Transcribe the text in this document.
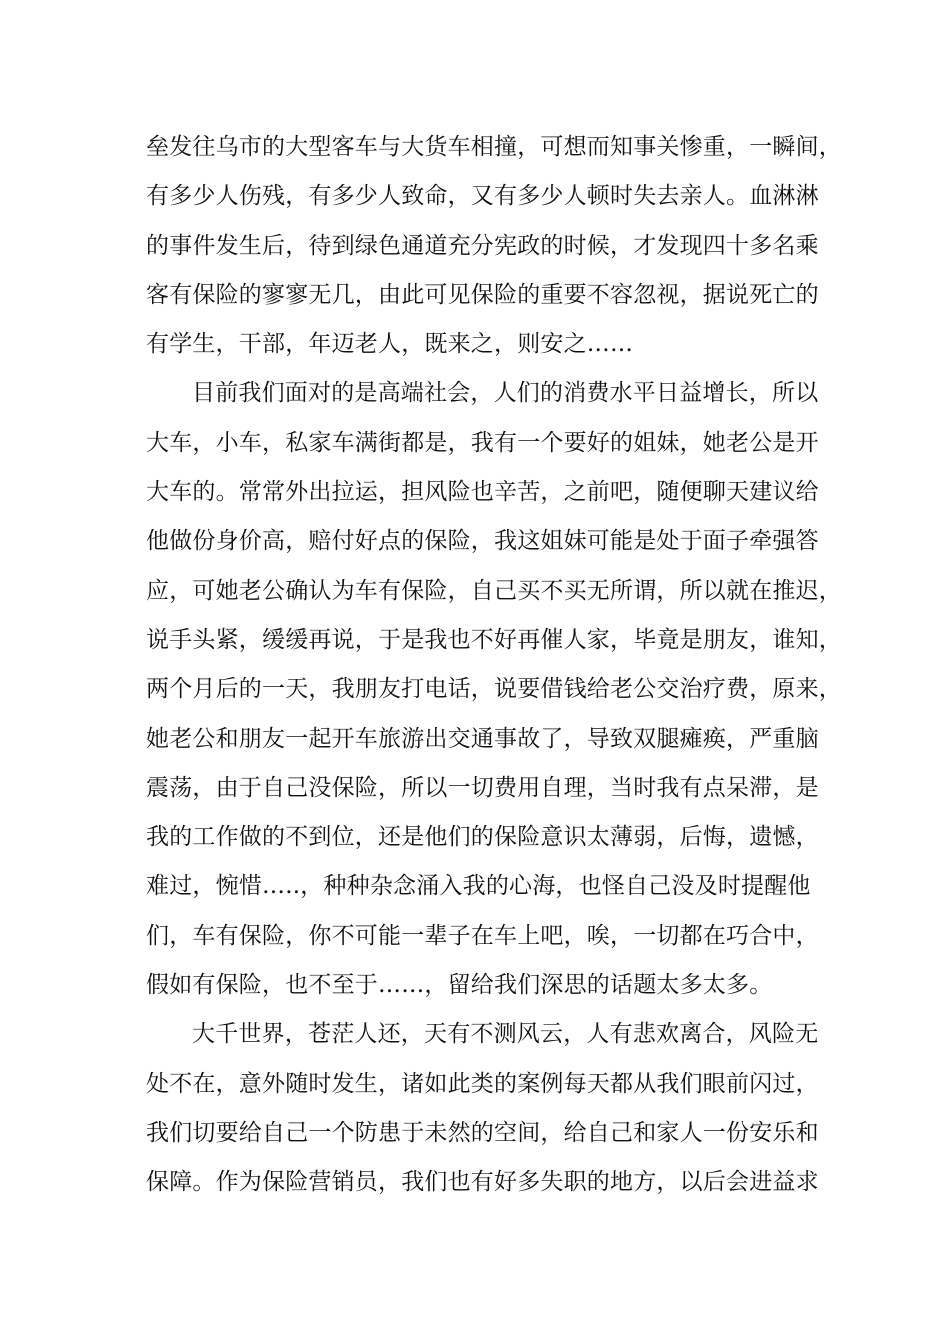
垒发往乌市的大型客车与大货车相撞，可想而知事关惨重，一瞬间，
有多少人伤残，有多少人致命，又有多少人顿时失去亲人。血淋淋
的事件发生后，待到绿色通道充分宪政的时候，才发现四十多名乘
客有保险的寥寥无几，由此可见保险的重要不容忽视，据说死亡的
有学生，干部，年迈老人，既来之，则安之……
目前我们面对的是高端社会，人们的消费水平日益增长，所以
大车，小车，私家车满街都是，我有一个要好的姐妹，她老公是开
大车的。常常外出拉运，担风险也辛苦，之前吧，随便聊天建议给
他做份身价高，赔付好点的保险，我这姐妹可能是处于面子牵强答
应，可她老公确认为车有保险，自己买不买无所谓，所以就在推迟，
说手头紧，缓缓再说，于是我也不好再催人家，毕竟是朋友，谁知，
两个月后的一天，我朋友打电话，说要借钱给老公交治疗费，原来，
她老公和朋友一起开车旅游出交通事故了，导致双腿瘫痪，严重脑
震荡，由于自己没保险，所以一切费用自理，当时我有点呆滞，是
我的工作做的不到位，还是他们的保险意识太薄弱，后悔，遗憾，
难过，惋惜…..，种种杂念涌入我的心海，也怪自己没及时提醒他
们，车有保险，你不可能一辈子在车上吧，唉，一切都在巧合中，
假如有保险，也不至于……，留给我们深思的话题太多太多。
大千世界，苍茫人还，天有不测风云，人有悲欢离合，风险无
处不在，意外随时发生，诸如此类的案例每天都从我们眼前闪过，
我们切要给自己一个防患于未然的空间，给自己和家人一份安乐和
保障。作为保险营销员，我们也有好多失职的地方，以后会进益求
